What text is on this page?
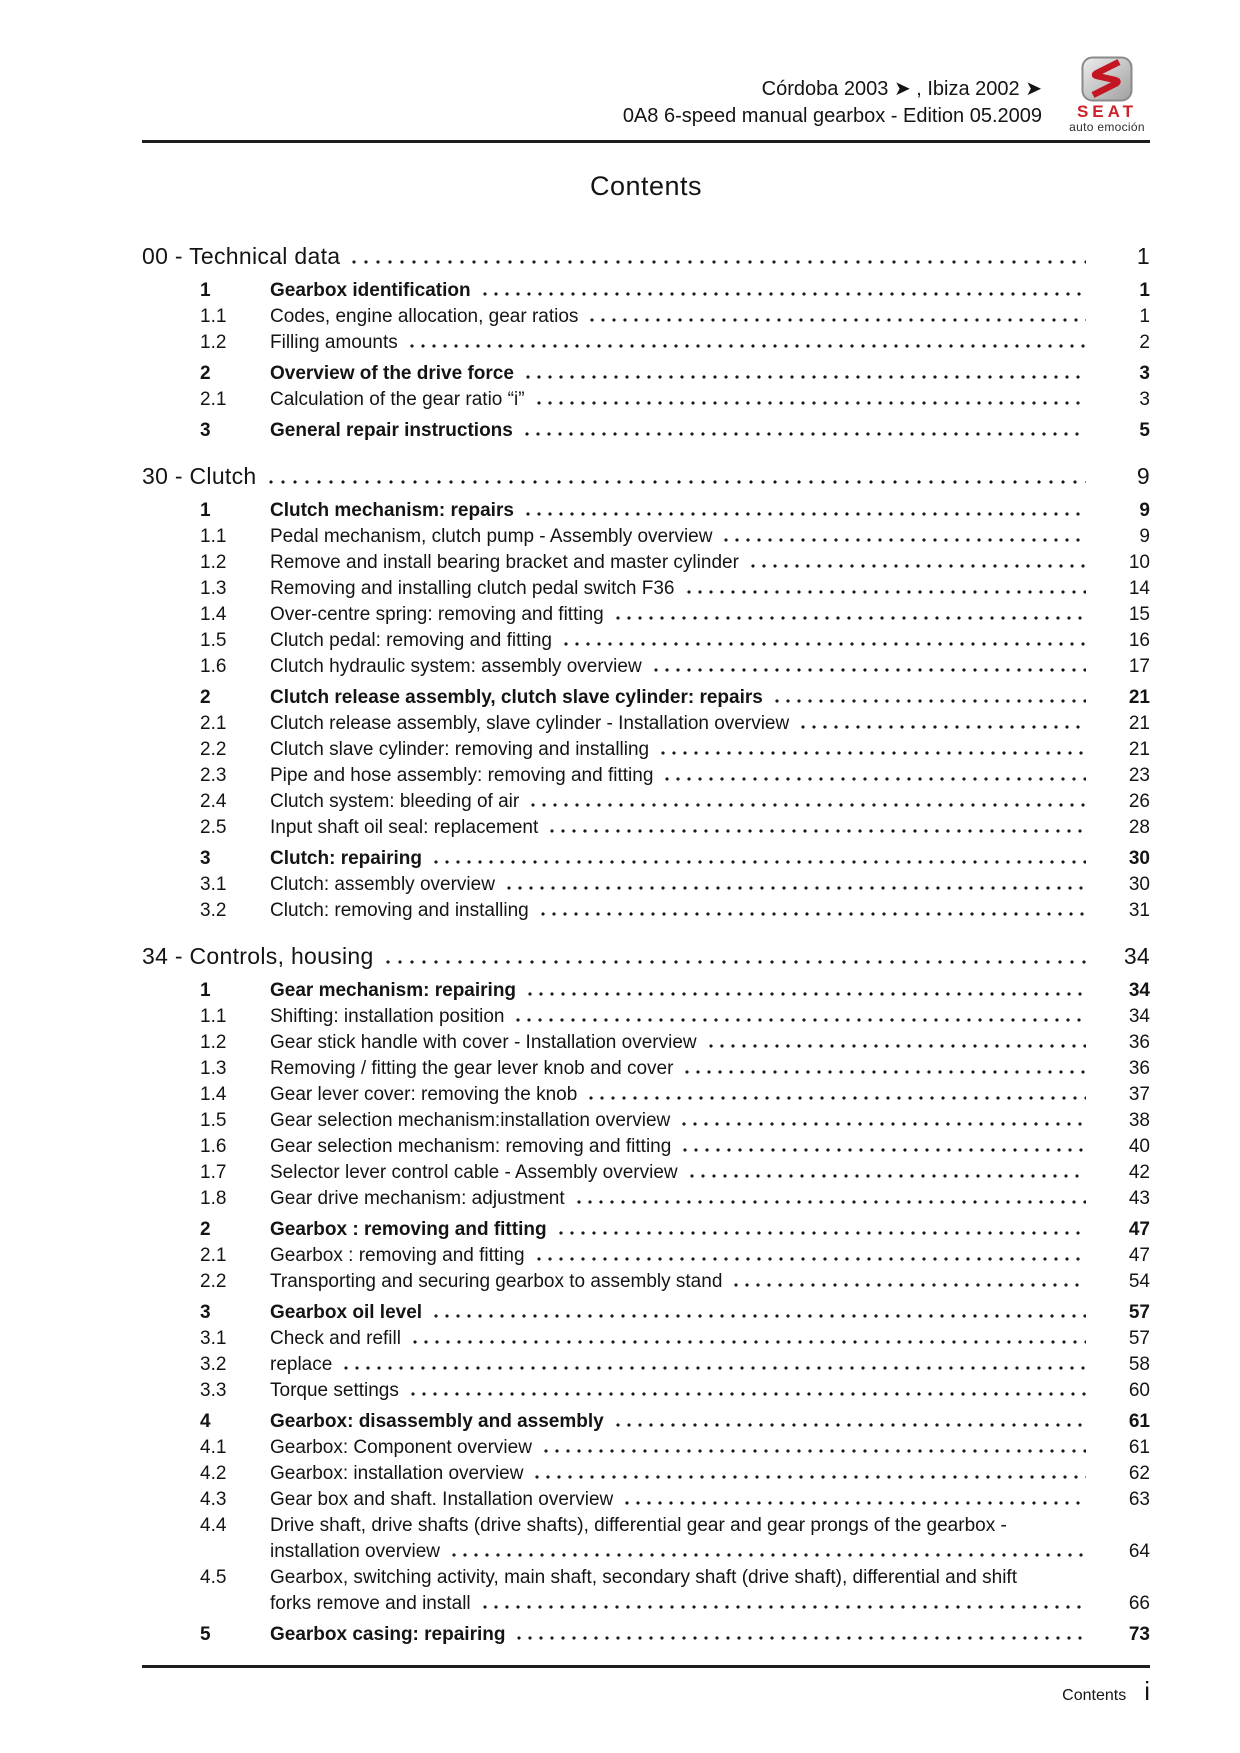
Córdoba 2003 ➤ , Ibiza 2002 ➤
0A8 6-speed manual gearbox - Edition 05.2009	SEAT
auto emoción
Contents
00 - Technical data	1
1	Gearbox identification	1
1.1	Codes, engine allocation, gear ratios	1
1.2	Filling amounts	2
2	Overview of the drive force	3
2.1	Calculation of the gear ratio “i”	3
3	General repair instructions	5
30 - Clutch	9
1	Clutch mechanism: repairs	9
1.1	Pedal mechanism, clutch pump - Assembly overview	9
1.2	Remove and install bearing bracket and master cylinder	10
1.3	Removing and installing clutch pedal switch F36	14
1.4	Over-centre spring: removing and fitting	15
1.5	Clutch pedal: removing and fitting	16
1.6	Clutch hydraulic system: assembly overview	17
2	Clutch release assembly, clutch slave cylinder: repairs	21
2.1	Clutch release assembly, slave cylinder - Installation overview	21
2.2	Clutch slave cylinder: removing and installing	21
2.3	Pipe and hose assembly: removing and fitting	23
2.4	Clutch system: bleeding of air	26
2.5	Input shaft oil seal: replacement	28
3	Clutch: repairing	30
3.1	Clutch: assembly overview	30
3.2	Clutch: removing and installing	31
34 - Controls, housing	34
1	Gear mechanism: repairing	34
1.1	Shifting: installation position	34
1.2	Gear stick handle with cover - Installation overview	36
1.3	Removing / fitting the gear lever knob and cover	36
1.4	Gear lever cover: removing the knob	37
1.5	Gear selection mechanism:installation overview	38
1.6	Gear selection mechanism: removing and fitting	40
1.7	Selector lever control cable - Assembly overview	42
1.8	Gear drive mechanism: adjustment	43
2	Gearbox : removing and fitting	47
2.1	Gearbox : removing and fitting	47
2.2	Transporting and securing gearbox to assembly stand	54
3	Gearbox oil level	57
3.1	Check and refill	57
3.2	replace	58
3.3	Torque settings	60
4	Gearbox: disassembly and assembly	61
4.1	Gearbox: Component overview	61
4.2	Gearbox: installation overview	62
4.3	Gear box and shaft. Installation overview	63
4.4	Drive shaft, drive shafts (drive shafts), differential gear and gear prongs of the gearbox -
installation overview	64
4.5	Gearbox, switching activity, main shaft, secondary shaft (drive shaft), differential and shift
forks remove and install	66
5	Gearbox casing: repairing	73
Contents i
